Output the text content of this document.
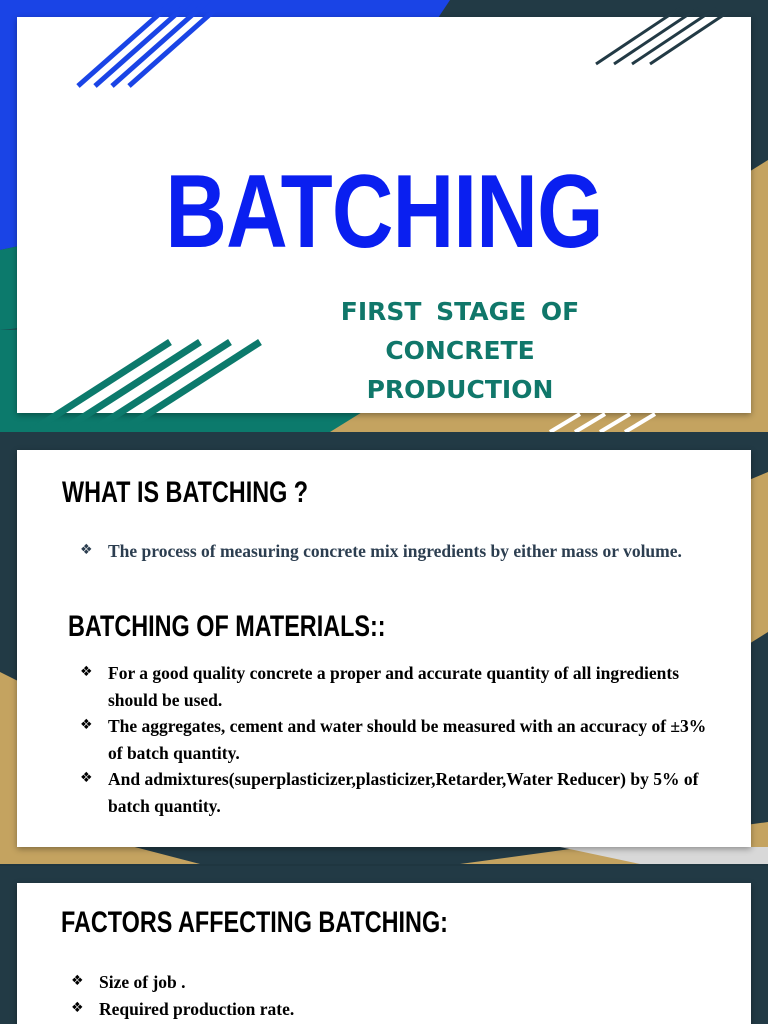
BATCHING
FIRST STAGE OF CONCRETE
PRODUCTION
WHAT IS BATCHING ?
❖ The process of measuring concrete mix ingredients by either mass or volume.
BATCHING OF MATERIALS::
❖ For a good quality concrete a proper and accurate quantity of all ingredients should be used.
❖ The aggregates, cement and water should be measured with an accuracy of ±3% of batch quantity.
❖ And admixtures(superplasticizer,plasticizer,Retarder,Water Reducer) by 5% of batch quantity.
FACTORS AFFECTING BATCHING:
❖ Size of job .
❖ Required production rate.
